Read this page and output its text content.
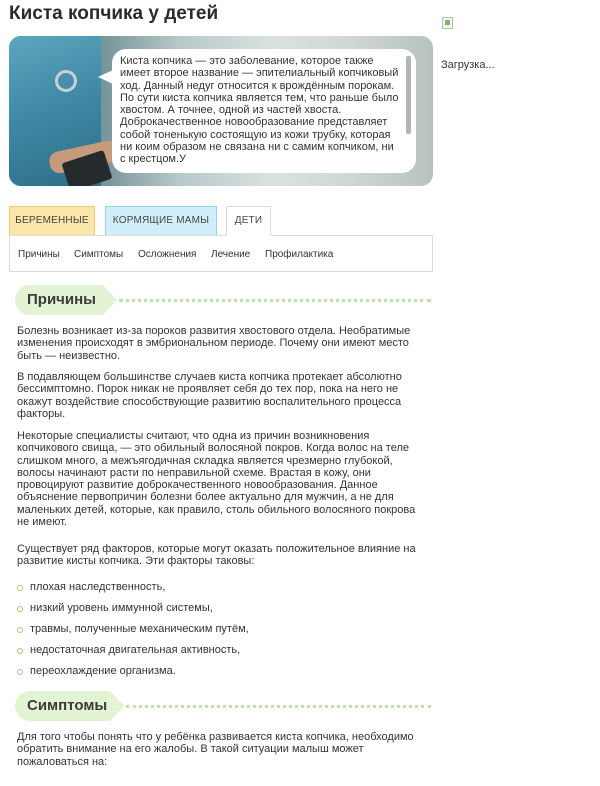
Киста копчика у детей
Загрузка...
Киста копчика — это заболевание, которое также имеет второе название — эпителиальный копчиковый ход. Данный недуг относится к врождённым порокам. По сути киста копчика является тем, что раньше было хвостом. А точнее, одной из частей хвоста. Доброкачественное новообразование представляет собой тоненькую состоящую из кожи трубку, которая ни коим образом не связана ни с самим копчиком, ни с крестцом.У
БЕРЕМЕННЫЕ	КОРМЯЩИЕ МАМЫ	ДЕТИ
Причины Симптомы Осложнения Лечение Профилактика
Причины

Болезнь возникает из-за пороков развития хвостового отдела. Необратимые изменения происходят в эмбриональном периоде. Почему они имеют место быть — неизвестно.

В подавляющем большинстве случаев киста копчика протекает абсолютно бессимптомно. Порок никак не проявляет себя до тех пор, пока на него не окажут воздействие способствующие развитию воспалительного процесса факторы.

Некоторые специалисты считают, что одна из причин возникновения копчикового свища, — это обильный волосяной покров. Когда волос на теле слишком много, а межъягодичная складка является чрезмерно глубокой, волосы начинают расти по неправильной схеме. Врастая в кожу, они провоцируют развитие доброкачественного новообразования. Данное объяснение первопричин болезни более актуально для мужчин, а не для маленьких детей, которые, как правило, столь обильного волосяного покрова не имеют.

Существует ряд факторов, которые могут оказать положительное влияние на развитие кисты копчика. Эти факторы таковы:

плохая наследственность,
низкий уровень иммунной системы,
травмы, полученные механическим путём,
недостаточная двигательная активность,
переохлаждение организма.
Симптомы

Для того чтобы понять что у ребёнка развивается киста копчика, необходимо обратить внимание на его жалобы. В такой ситуации малыш может пожаловаться на:
